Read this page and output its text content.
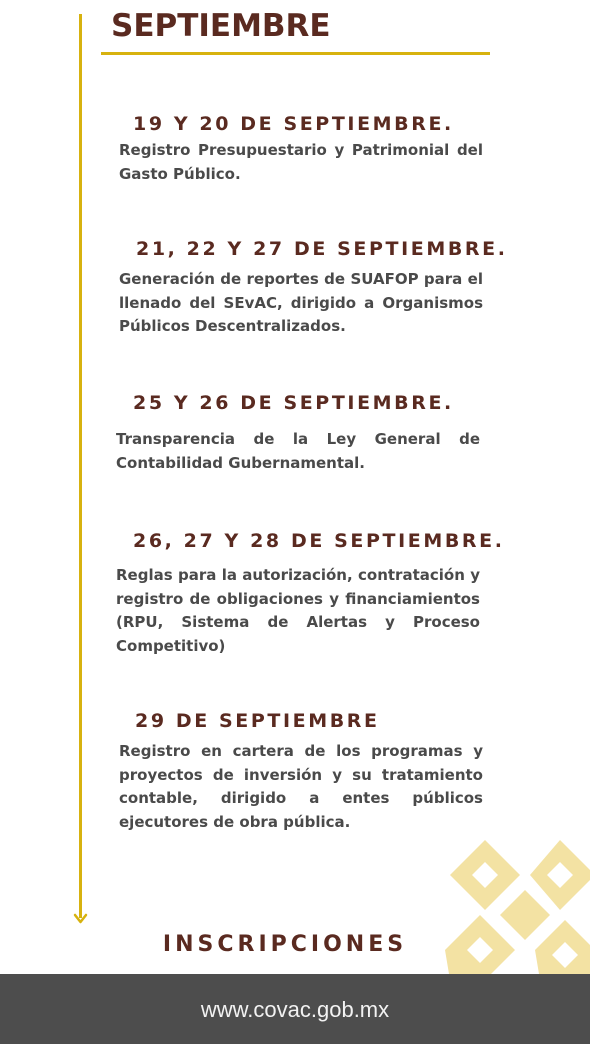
SEPTIEMBRE
19 Y 20 DE SEPTIEMBRE.

Registro Presupuestario y Patrimonial del Gasto Público.

21, 22 Y 27 DE SEPTIEMBRE.

Generación de reportes de SUAFOP para el llenado del SEvAC, dirigido a Organismos Públicos Descentralizados.

25 Y 26 DE SEPTIEMBRE.

Transparencia de la Ley General de Contabilidad Gubernamental.

26, 27 Y 28 DE SEPTIEMBRE.

Reglas para la autorización, contratación y registro de obligaciones y financiamientos (RPU, Sistema de Alertas y Proceso Competitivo)

29 DE SEPTIEMBRE

Registro en cartera de los programas y proyectos de inversión y su tratamiento contable, dirigido a entes públicos ejecutores de obra pública.

INSCRIPCIONES
www.covac.gob.mx
